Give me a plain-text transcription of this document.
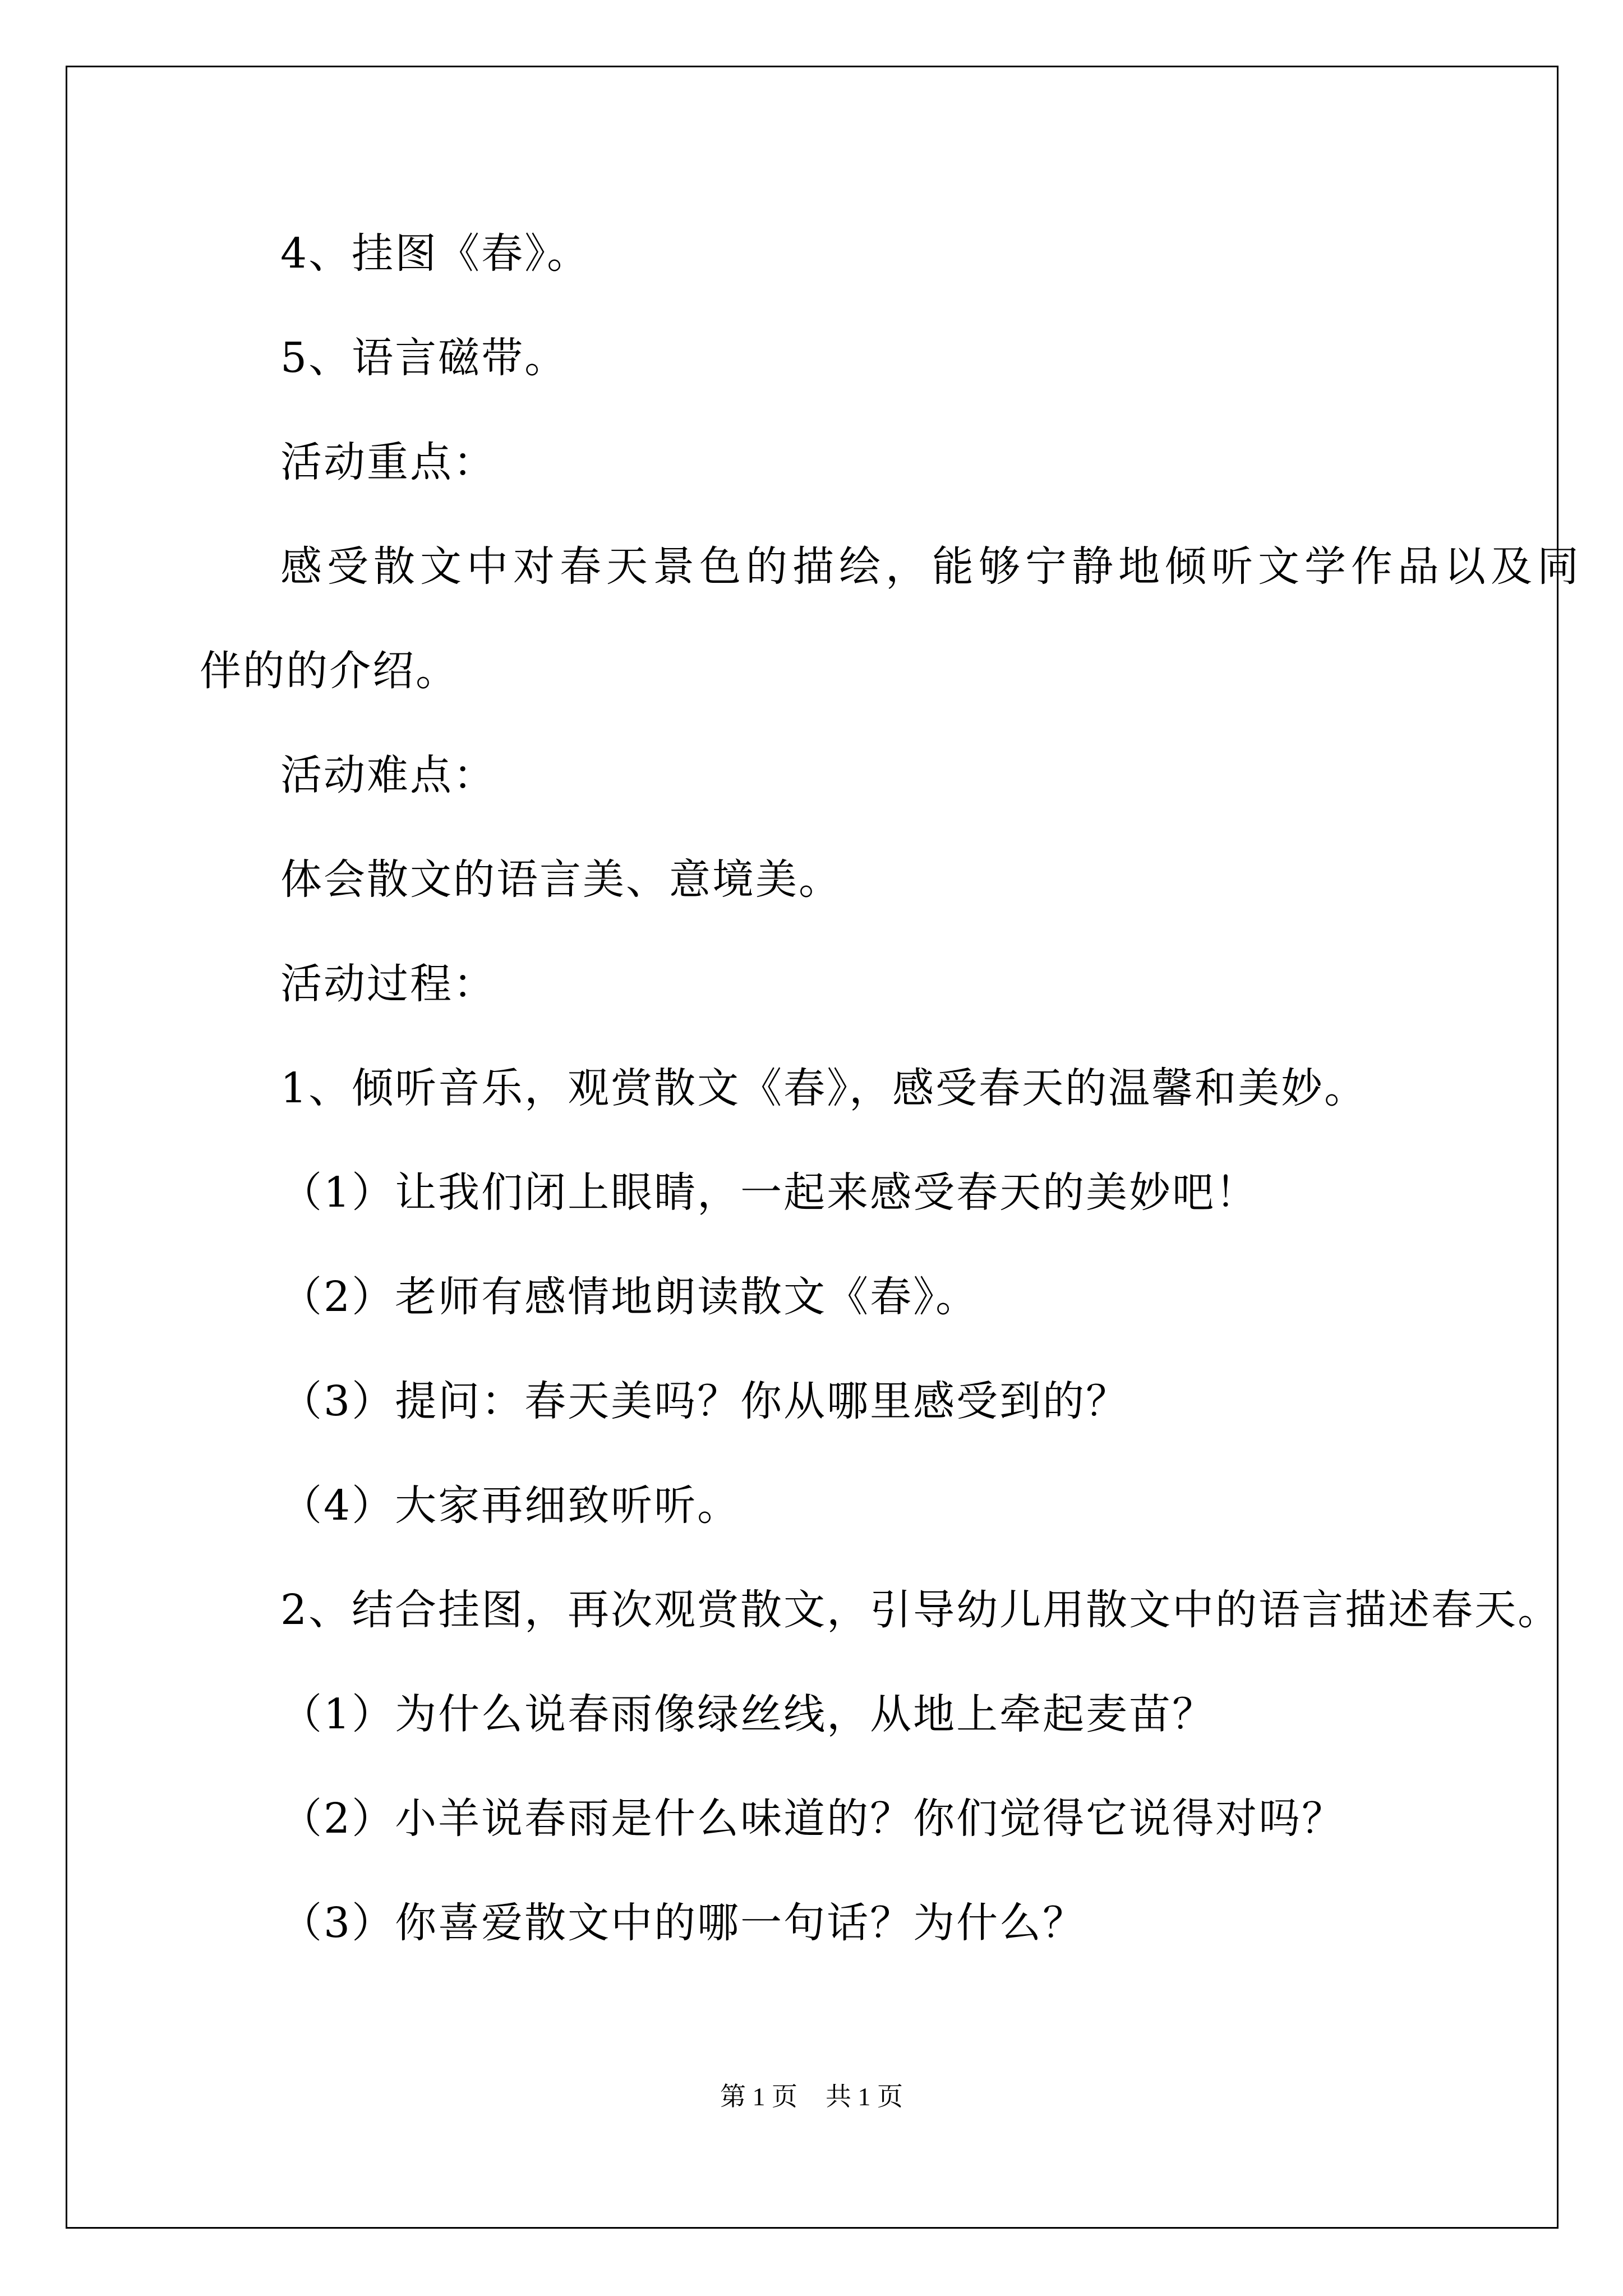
4、挂图《春》。

5、语言磁带。

活动重点：

感受散文中对春天景色的描绘，能够宁静地倾听文学作品以及同

伴的的介绍。

活动难点：

体会散文的语言美、意境美。

活动过程：

1、倾听音乐，观赏散文《春》，感受春天的温馨和美妙。

（1）让我们闭上眼睛，一起来感受春天的美妙吧！

（2）老师有感情地朗读散文《春》。

（3）提问：春天美吗？你从哪里感受到的？

（4）大家再细致听听。

2、结合挂图，再次观赏散文，引导幼儿用散文中的语言描述春天。

（1）为什么说春雨像绿丝线，从地上牵起麦苗？

（2）小羊说春雨是什么味道的？你们觉得它说得对吗？

（3）你喜爱散文中的哪一句话？为什么？

第 1 页 共 1 页
